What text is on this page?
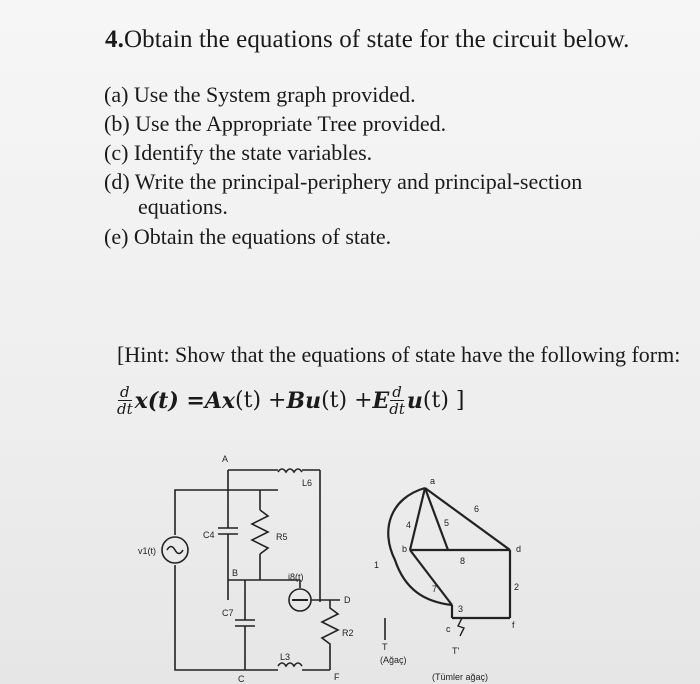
4.Obtain the equations of state for the circuit below.
(a) Use the System graph provided.
(b) Use the Appropriate Tree provided.
(c) Identify the state variables.
(d) Write the principal-periphery and principal-section
equations.
(e) Obtain the equations of state.
[Hint: Show that the equations of state have the following form:
$\frac{d}{dt} x(t) = Ax$ (t) + Bu (t) + E $\frac{d}{dt}$ u (t) ]
A
B
C
D
F
v1(t)
C4
C7
R5
L6
i8(t)
R2
L3
a
b
c
d
f
1
2
3
4	5
6
7
8
T
(Ağaç)
T'
(Tümler ağaç)
